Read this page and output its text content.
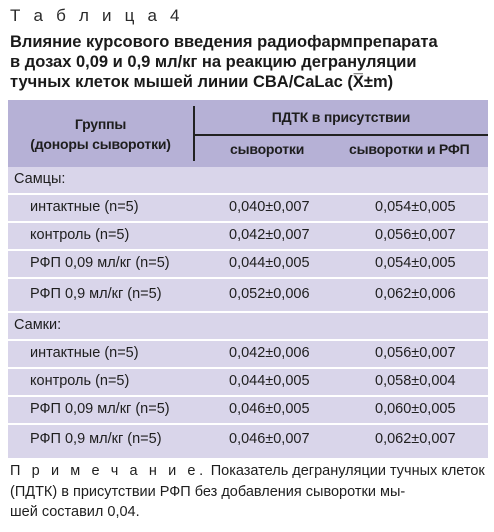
Т а б л и ц а 4
Влияние курсового введения радиофармпрепарата
в дозах 0,09 и 0,9 мл/кг на реакцию дегрануляции
тучных клеток мышей линии CBA/CaLac (X̅±m)
Группы
(доноры сыворотки)
ПДТК в присутствии
сыворотки	сыворотки и РФП
Самцы:
интактные (n=5)	0,040±0,007	0,054±0,005
контроль (n=5)	0,042±0,007	0,056±0,007
РФП 0,09 мл/кг (n=5)	0,044±0,005	0,054±0,005
РФП 0,9 мл/кг (n=5)	0,052±0,006	0,062±0,006
Самки:
интактные (n=5)	0,042±0,006	0,056±0,007
контроль (n=5)	0,044±0,005	0,058±0,004
РФП 0,09 мл/кг (n=5)	0,046±0,005	0,060±0,005
РФП 0,9 мл/кг (n=5)	0,046±0,007	0,062±0,007
П р и м е ч а н и е. Показатель дегрануляции тучных клеток
(ПДТК) в присутствии РФП без добавления сыворотки мы-
шей составил 0,04.
